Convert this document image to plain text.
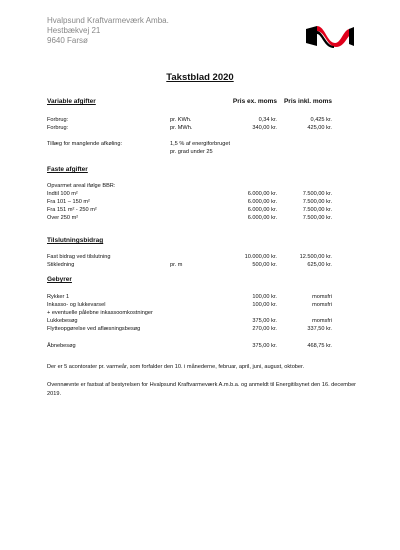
Hvalpsund Kraftvarmeværk Amba.
Hestbækvej 21
9640 Farsø
Takstblad 2020
Variable afgifter	Pris ex. moms Pris inkl. moms
Forbrug:	pr. KWh.	0,34 kr.	0,425 kr.
Forbrug:	pr. MWh.	340,00 kr.	425,00 kr.
Tillæg for manglende afkøling:	1,5 % af energiforbruget
pr. grad under 25
Faste afgifter
Opvarmet areal ifølge BBR:
Indtil 100 m²	6.000,00 kr.	7.500,00 kr.
Fra 101 – 150 m²	6.000,00 kr.	7.500,00 kr.
Fra 151 m² - 250 m²	6.000,00 kr.	7.500,00 kr.
Over 250 m²	6.000,00 kr.	7.500,00 kr.
Tilslutningsbidrag
Fast bidrag ved tilslutning	10.000,00 kr.	12.500,00 kr.
Stikledning	pr. m	500,00 kr.	625,00 kr.
Gebyrer
Rykker 1	100,00 kr.	momsfri
Inkasso- og lukkevarsel	100,00 kr.	momsfri
+ eventuelle pålebne inkassoomkostninger
Lukkebesøg	375,00 kr.	momsfri
Flytteopgørelse ved aflæsningsbesøg	270,00 kr.	337,50 kr.
Åbnebesøg	375,00 kr.	468,75 kr.
Der er 5 acontorater pr. varmeår, som forfalder den 10. i månederne, februar, april, juni, august, oktober.
Ovennævnte er fastsat af bestyrelsen for Hvalpsund Kraftvarmeværk A.m.b.a. og anmeldt til Energitilsynet den 16. december 2019.
